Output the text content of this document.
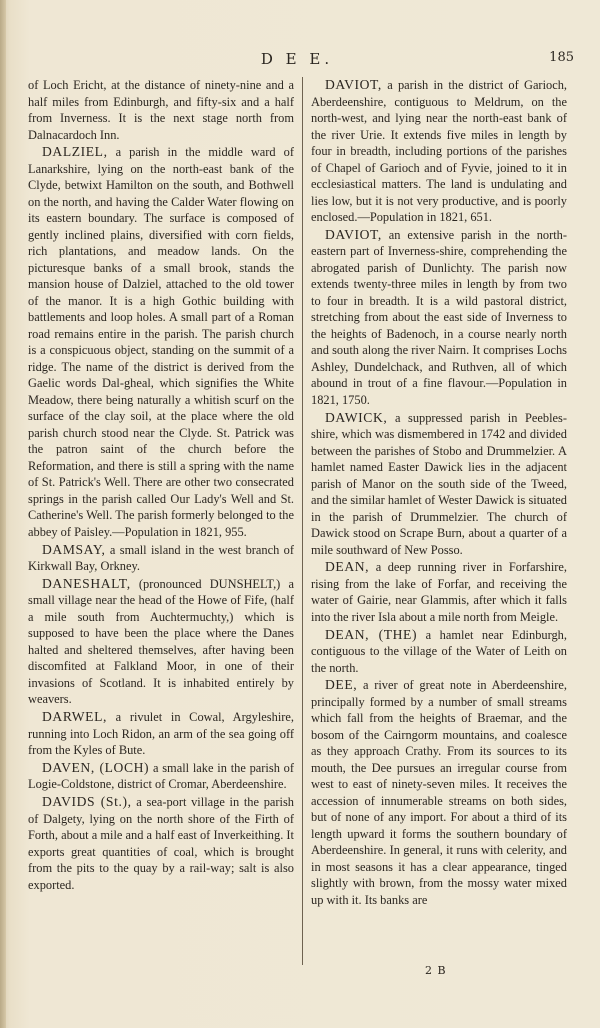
D E E.	185

of Loch Ericht, at the distance of ninety-nine and a half miles from Edinburgh, and fifty-six and a half from Inverness. It is the next stage north from Dalnacardoch Inn.

DALZIEL, a parish in the middle ward of Lanarkshire, lying on the north-east bank of the Clyde, betwixt Hamilton on the south, and Bothwell on the north, and having the Calder Water flowing on its eastern boundary. The surface is composed of gently inclined plains, diversified with corn fields, rich plantations, and meadow lands. On the picturesque banks of a small brook, stands the mansion house of Dalziel, attached to the old tower of the manor. It is a high Gothic building with battlements and loop holes. A small part of a Roman road remains entire in the parish. The parish church is a conspicuous object, standing on the summit of a ridge. The name of the district is derived from the Gaelic words Dal-gheal, which signifies the White Meadow, there being naturally a whitish scurf on the surface of the clay soil, at the place where the old parish church stood near the Clyde. St. Patrick was the patron saint of the church before the Reformation, and there is still a spring with the name of St. Patrick's Well. There are other two consecrated springs in the parish called Our Lady's Well and St. Catherine's Well. The parish formerly belonged to the abbey of Paisley.—Population in 1821, 955.

DAMSAY, a small island in the west branch of Kirkwall Bay, Orkney.

DANESHALT, (pronounced DUNSHELT,) a small village near the head of the Howe of Fife, (half a mile south from Auchtermuchty,) which is supposed to have been the place where the Danes halted and sheltered themselves, after having been discomfited at Falkland Moor, in one of their invasions of Scotland. It is inhabited entirely by weavers.

DARWEL, a rivulet in Cowal, Argyleshire, running into Loch Ridon, an arm of the sea going off from the Kyles of Bute.

DAVEN, (LOCH) a small lake in the parish of Logie-Coldstone, district of Cromar, Aberdeenshire.

DAVIDS (St.), a sea-port village in the parish of Dalgety, lying on the north shore of the Firth of Forth, about a mile and a half east of Inverkeithing. It exports great quantities of coal, which is brought from the pits to the quay by a rail-way; salt is also exported.

DAVIOT, a parish in the district of Garioch, Aberdeenshire, contiguous to Meldrum, on the north-west, and lying near the north-east bank of the river Urie. It extends five miles in length by four in breadth, including portions of the parishes of Chapel of Garioch and of Fyvie, joined to it in ecclesiastical matters. The land is undulating and lies low, but it is not very productive, and is poorly enclosed.—Population in 1821, 651.

DAVIOT, an extensive parish in the north-eastern part of Inverness-shire, comprehending the abrogated parish of Dunlichty. The parish now extends twenty-three miles in length by from two to four in breadth. It is a wild pastoral district, stretching from about the east side of Inverness to the heights of Badenoch, in a course nearly north and south along the river Nairn. It comprises Lochs Ashley, Dundelchack, and Ruthven, all of which abound in trout of a fine flavour.—Population in 1821, 1750.

DAWICK, a suppressed parish in Peebles-shire, which was dismembered in 1742 and divided between the parishes of Stobo and Drummelzier. A hamlet named Easter Dawick lies in the adjacent parish of Manor on the south side of the Tweed, and the similar hamlet of Wester Dawick is situated in the parish of Drummelzier. The church of Dawick stood on Scrape Burn, about a quarter of a mile southward of New Posso.

DEAN, a deep running river in Forfarshire, rising from the lake of Forfar, and receiving the water of Gairie, near Glammis, after which it falls into the river Isla about a mile north from Meigle.

DEAN, (THE) a hamlet near Edinburgh, contiguous to the village of the Water of Leith on the north.

DEE, a river of great note in Aberdeenshire, principally formed by a number of small streams which fall from the heights of Braemar, and the bosom of the Cairngorm mountains, and coalesce as they approach Crathy. From its sources to its mouth, the Dee pursues an irregular course from west to east of ninety-seven miles. It receives the accession of innumerable streams on both sides, but of none of any import. For about a third of its length upward it forms the southern boundary of Aberdeenshire. In general, it runs with celerity, and in most seasons it has a clear appearance, tinged slightly with brown, from the mossy water mixed up with it. Its banks are

2 B
